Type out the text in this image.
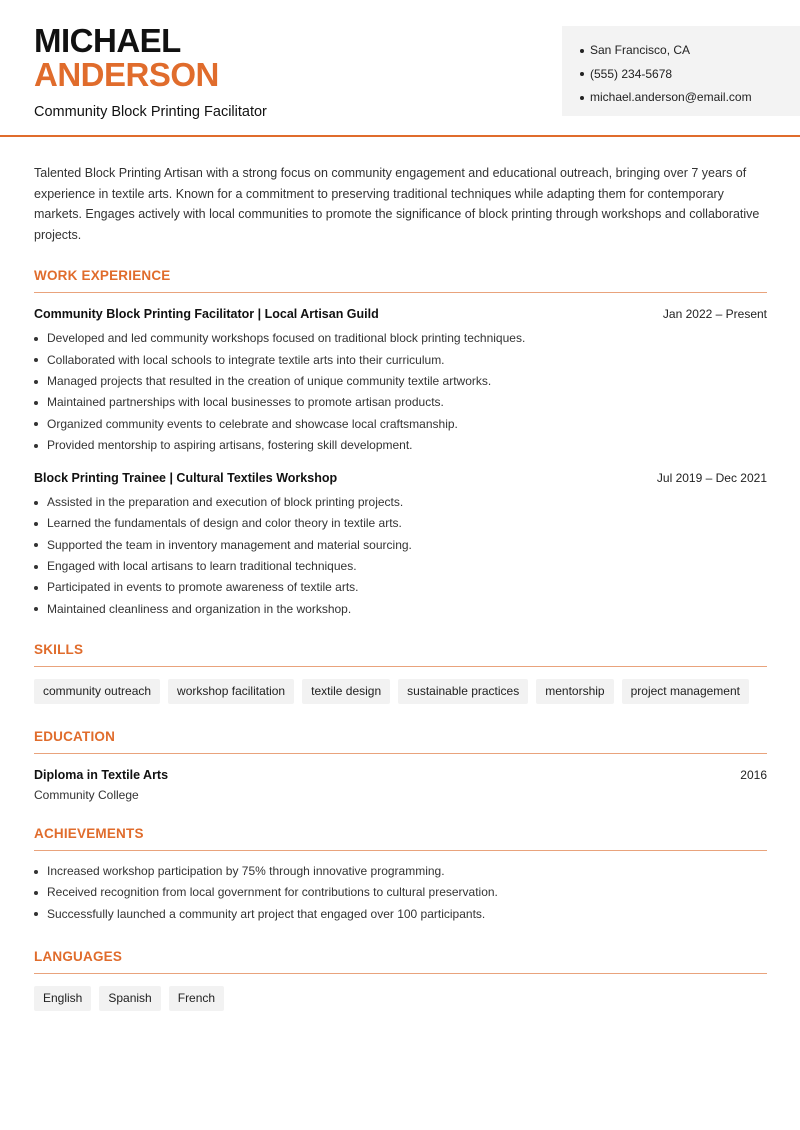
MICHAEL
ANDERSON
Community Block Printing Facilitator
San Francisco, CA
(555) 234-5678
michael.anderson@email.com

Talented Block Printing Artisan with a strong focus on community engagement and educational outreach, bringing over 7 years of experience in textile arts. Known for a commitment to preserving traditional techniques while adapting them for contemporary markets. Engages actively with local communities to promote the significance of block printing through workshops and collaborative projects.

WORK EXPERIENCE
Community Block Printing Facilitator | Local Artisan Guild	Jan 2022 – Present
Developed and led community workshops focused on traditional block printing techniques.
Collaborated with local schools to integrate textile arts into their curriculum.
Managed projects that resulted in the creation of unique community textile artworks.
Maintained partnerships with local businesses to promote artisan products.
Organized community events to celebrate and showcase local craftsmanship.
Provided mentorship to aspiring artisans, fostering skill development.
Block Printing Trainee | Cultural Textiles Workshop	Jul 2019 – Dec 2021
Assisted in the preparation and execution of block printing projects.
Learned the fundamentals of design and color theory in textile arts.
Supported the team in inventory management and material sourcing.
Engaged with local artisans to learn traditional techniques.
Participated in events to promote awareness of textile arts.
Maintained cleanliness and organization in the workshop.
SKILLS
community outreach	workshop facilitation	textile design	sustainable practices	mentorship	project management
EDUCATION
Diploma in Textile Arts	2016
Community College
ACHIEVEMENTS
Increased workshop participation by 75% through innovative programming.
Received recognition from local government for contributions to cultural preservation.
Successfully launched a community art project that engaged over 100 participants.
LANGUAGES
English	Spanish	French
